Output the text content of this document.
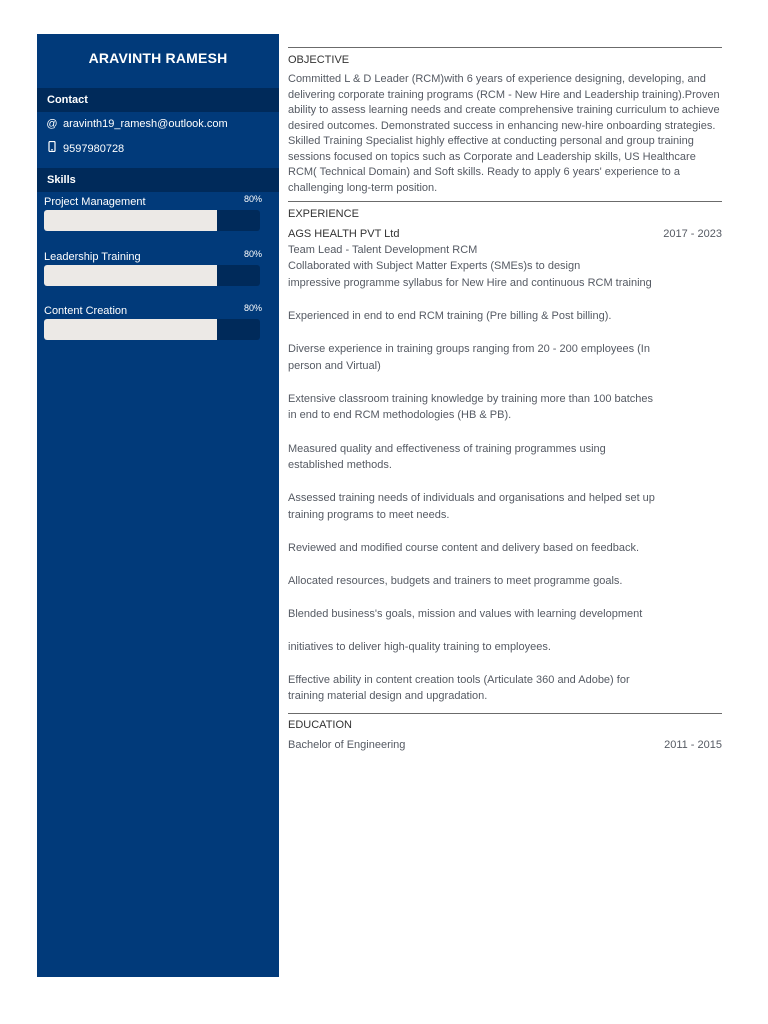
ARAVINTH RAMESH
Contact
@ aravinth19_ramesh@outlook.com
9597980728
Skills
Project Management	80%
Leadership Training	80%
Content Creation	80%
OBJECTIVE
Committed L & D Leader (RCM)with 6 years of experience designing, developing, and
delivering corporate training programs (RCM - New Hire and Leadership training).Proven
ability to assess learning needs and create comprehensive training curriculum to achieve
desired outcomes. Demonstrated success in enhancing new-hire onboarding strategies.
Skilled Training Specialist highly effective at conducting personal and group training
sessions focused on topics such as Corporate and Leadership skills, US Healthcare
RCM( Technical Domain) and Soft skills. Ready to apply 6 years' experience to a
challenging long-term position.
EXPERIENCE
AGS HEALTH PVT Ltd	2017 - 2023
Team Lead - Talent Development RCM
Collaborated with Subject Matter Experts (SMEs)s to design
impressive programme syllabus for New Hire and continuous RCM training
Experienced in end to end RCM training (Pre billing & Post billing).
Diverse experience in training groups ranging from 20 - 200 employees (In
person and Virtual)
Extensive classroom training knowledge by training more than 100 batches
in end to end RCM methodologies (HB & PB).
Measured quality and effectiveness of training programmes using
established methods.
Assessed training needs of individuals and organisations and helped set up
training programs to meet needs.
Reviewed and modified course content and delivery based on feedback.
Allocated resources, budgets and trainers to meet programme goals.
Blended business's goals, mission and values with learning development
initiatives to deliver high-quality training to employees.
Effective ability in content creation tools (Articulate 360 and Adobe) for
training material design and upgradation.
EDUCATION
Bachelor of Engineering	2011 - 2015
